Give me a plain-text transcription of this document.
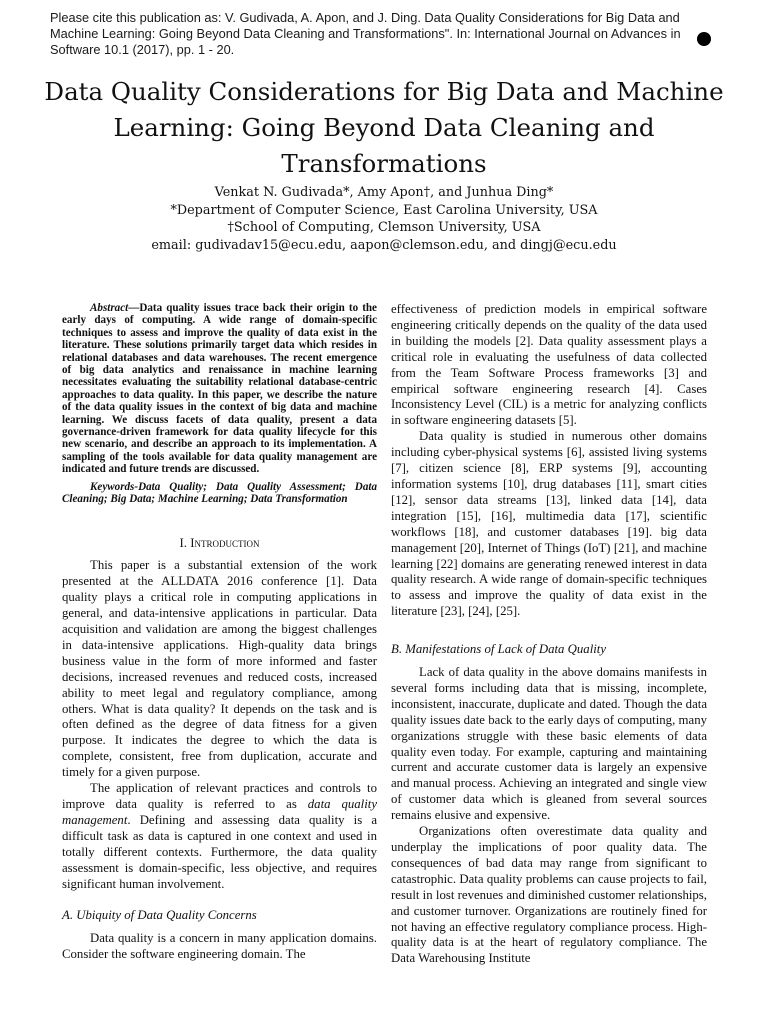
Please cite this publication as: V. Gudivada, A. Apon, and J. Ding. Data Quality Considerations for Big Data and Machine Learning: Going Beyond Data Cleaning and Transformations". In: International Journal on Advances in Software 10.1 (2017), pp. 1 - 20.
Data Quality Considerations for Big Data and Machine Learning: Going Beyond Data Cleaning and Transformations

Venkat N. Gudivada*, Amy Apon†, and Junhua Ding*

*Department of Computer Science, East Carolina University, USA

†School of Computing, Clemson University, USA

email: gudivadav15@ecu.edu, aapon@clemson.edu, and dingj@ecu.edu

Abstract—Data quality issues trace back their origin to the early days of computing. A wide range of domain-specific techniques to assess and improve the quality of data exist in the literature. These solutions primarily target data which resides in relational databases and data warehouses. The recent emergence of big data analytics and renaissance in machine learning necessitates evaluating the suitability relational database-centric approaches to data quality. In this paper, we describe the nature of the data quality issues in the context of big data and machine learning. We discuss facets of data quality, present a data governance-driven framework for data quality lifecycle for this new scenario, and describe an approach to its implementation. A sampling of the tools available for data quality management are indicated and future trends are discussed.

Keywords-Data Quality; Data Quality Assessment; Data Cleaning; Big Data; Machine Learning; Data Transformation

I. Introduction

This paper is a substantial extension of the work presented at the ALLDATA 2016 conference [1]. Data quality plays a critical role in computing applications in general, and data-intensive applications in particular. Data acquisition and validation are among the biggest challenges in data-intensive applications. High-quality data brings business value in the form of more informed and faster decisions, increased revenues and reduced costs, increased ability to meet legal and regulatory compliance, among others. What is data quality? It depends on the task and is often defined as the degree of data fitness for a given purpose. It indicates the degree to which the data is complete, consistent, free from duplication, accurate and timely for a given purpose.

The application of relevant practices and controls to improve data quality is referred to as data quality management. Defining and assessing data quality is a difficult task as data is captured in one context and used in totally different contexts. Furthermore, the data quality assessment is domain-specific, less objective, and requires significant human involvement.

A. Ubiquity of Data Quality Concerns

Data quality is a concern in many application domains. Consider the software engineering domain. The

effectiveness of prediction models in empirical software engineering critically depends on the quality of the data used in building the models [2]. Data quality assessment plays a critical role in evaluating the usefulness of data collected from the Team Software Process frameworks [3] and empirical software engineering research [4]. Cases Inconsistency Level (CIL) is a metric for analyzing conflicts in software engineering datasets [5].

Data quality is studied in numerous other domains including cyber-physical systems [6], assisted living systems [7], citizen science [8], ERP systems [9], accounting information systems [10], drug databases [11], smart cities [12], sensor data streams [13], linked data [14], data integration [15], [16], multimedia data [17], scientific workflows [18], and customer databases [19]. big data management [20], Internet of Things (IoT) [21], and machine learning [22] domains are generating renewed interest in data quality research. A wide range of domain-specific techniques to assess and improve the quality of data exist in the literature [23], [24], [25].

B. Manifestations of Lack of Data Quality

Lack of data quality in the above domains manifests in several forms including data that is missing, incomplete, inconsistent, inaccurate, duplicate and dated. Though the data quality issues date back to the early days of computing, many organizations struggle with these basic elements of data quality even today. For example, capturing and maintaining current and accurate customer data is largely an expensive and manual process. Achieving an integrated and single view of customer data which is gleaned from several sources remains elusive and expensive.

Organizations often overestimate data quality and underplay the implications of poor quality data. The consequences of bad data may range from significant to catastrophic. Data quality problems can cause projects to fail, result in lost revenues and diminished customer relationships, and customer turnover. Organizations are routinely fined for not having an effective regulatory compliance process. High-quality data is at the heart of regulatory compliance. The Data Warehousing Institute
